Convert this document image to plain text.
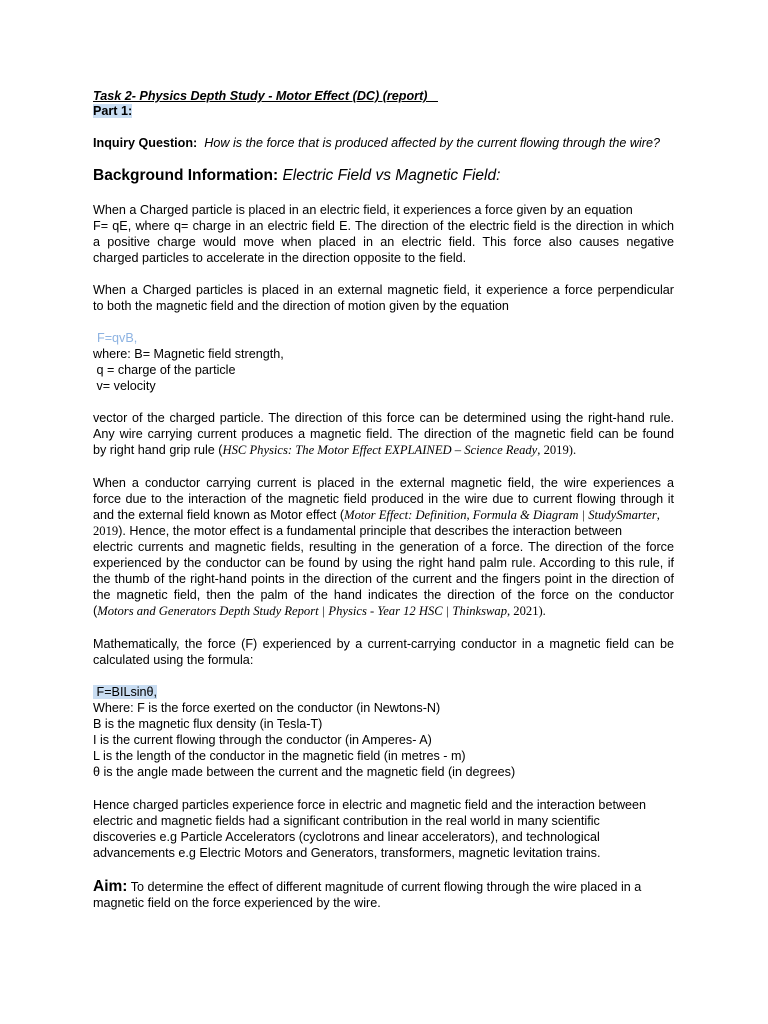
Task 2- Physics Depth Study - Motor Effect (DC) (report)
Part 1:
Inquiry Question: How is the force that is produced affected by the current flowing through the wire?
Background Information: Electric Field vs Magnetic Field:
When a Charged particle is placed in an electric field, it experiences a force given by an equation
F= qE, where q= charge in an electric field E. The direction of the electric field is the direction in which
a positive charge would move when placed in an electric field. This force also causes negative
charged particles to accelerate in the direction opposite to the field.
When a Charged particles is placed in an external magnetic field, it experience a force perpendicular
to both the magnetic field and the direction of motion given by the equation
F=qvB,
where: B= Magnetic field strength,
q = charge of the particle
v= velocity
vector of the charged particle. The direction of this force can be determined using the right-hand rule.
Any wire carrying current produces a magnetic field. The direction of the magnetic field can be found
by right hand grip rule (HSC Physics: The Motor Effect EXPLAINED – Science Ready, 2019).
When a conductor carrying current is placed in the external magnetic field, the wire experiences a
force due to the interaction of the magnetic field produced in the wire due to current flowing through it
and the external field known as Motor effect (Motor Effect: Definition, Formula & Diagram | StudySmarter,
2019). Hence, the motor effect is a fundamental principle that describes the interaction between
electric currents and magnetic fields, resulting in the generation of a force. The direction of the force
experienced by the conductor can be found by using the right hand palm rule. According to this rule, if
the thumb of the right-hand points in the direction of the current and the fingers point in the direction of
the magnetic field, then the palm of the hand indicates the direction of the force on the conductor
(Motors and Generators Depth Study Report | Physics - Year 12 HSC | Thinkswap, 2021).
Mathematically, the force (F) experienced by a current-carrying conductor in a magnetic field can be
calculated using the formula:
F=BILsinθ,
Where: F is the force exerted on the conductor (in Newtons-N)
B is the magnetic flux density (in Tesla-T)
I is the current flowing through the conductor (in Amperes- A)
L is the length of the conductor in the magnetic field (in metres - m)
θ is the angle made between the current and the magnetic field (in degrees)
Hence charged particles experience force in electric and magnetic field and the interaction between
electric and magnetic fields had a significant contribution in the real world in many scientific
discoveries e.g Particle Accelerators (cyclotrons and linear accelerators), and technological
advancements e.g Electric Motors and Generators, transformers, magnetic levitation trains.
Aim: To determine the effect of different magnitude of current flowing through the wire placed in a
magnetic field on the force experienced by the wire.
